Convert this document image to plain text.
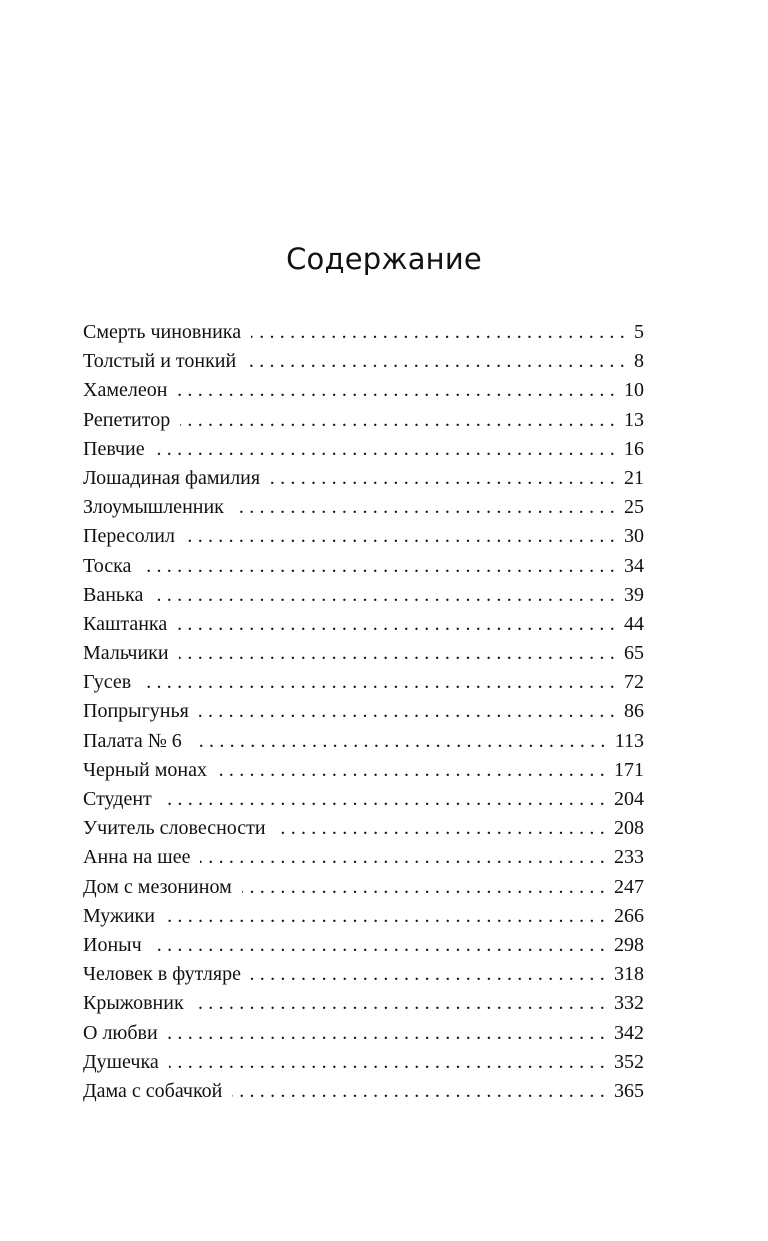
Содержание
Смерть чиновника .....	5
Толстый и тонкий .....	8
Хамелеон .....	10
Репетитор .....	13
Певчие .....	16
Лошадиная фамилия .....	21
Злоумышленник .....	25
Пересолил .....	30
Тоска .....	34
Ванька .....	39
Каштанка .....	44
Мальчики .....	65
Гусев .....	72
Попрыгунья .....	86
Палата № 6 .....	113
Черный монах .....	171
Студент .....	204
Учитель словесности .....	208
Анна на шее .....	233
Дом с мезонином .....	247
Мужики .....	266
Ионыч .....	298
Человек в футляре .....	318
Крыжовник .....	332
О любви .....	342
Душечка .....	352
Дама с собачкой .....	365
